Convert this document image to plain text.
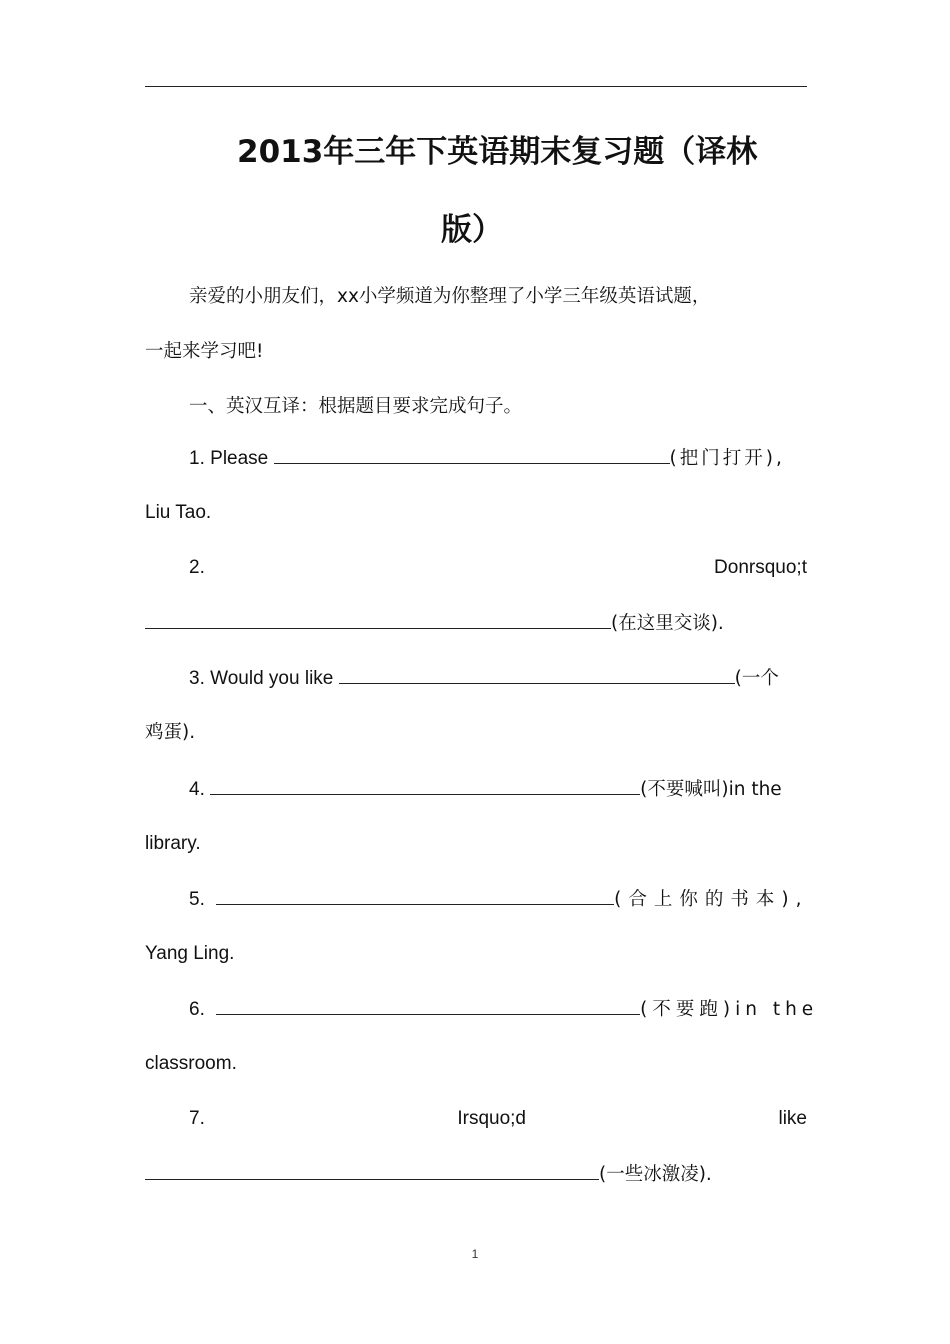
2013年三年下英语期末复习题（译林
版）
亲爱的小朋友们，xx小学频道为你整理了小学三年级英语试题，
一起来学习吧!
一、英汉互译：根据题目要求完成句子。
1. Please	(把门打开),
Liu Tao.
2.	Donrsquo;t
(在这里交谈).
3. Would you like	(一个
鸡蛋).
4.	(不要喊叫)in the
library.
5.	(合上你的书本),
Yang Ling.
6.	(不要跑)in the
classroom.
7.	Irsquo;d	like
(一些冰激凌).
1
